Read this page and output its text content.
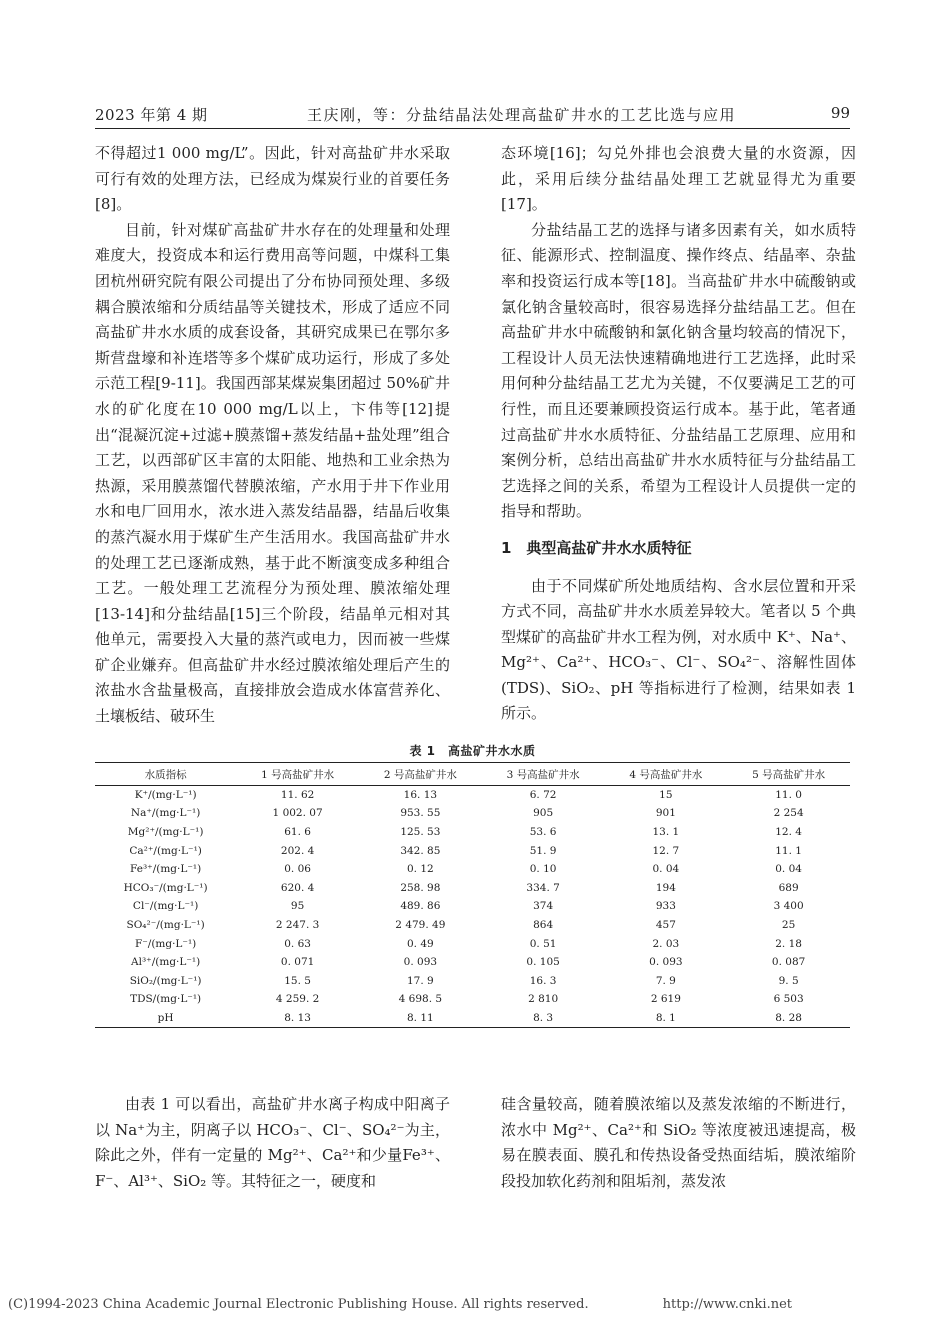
2023 年第 4 期	王庆刚，等：分盐结晶法处理高盐矿井水的工艺比选与应用	99

不得超过1 000 mg/L”。因此，针对高盐矿井水采取可行有效的处理方法，已经成为煤炭行业的首要任务[8]。

目前，针对煤矿高盐矿井水存在的处理量和处理难度大，投资成本和运行费用高等问题，中煤科工集团杭州研究院有限公司提出了分布协同预处理、多级耦合膜浓缩和分质结晶等关键技术，形成了适应不同高盐矿井水水质的成套设备，其研究成果已在鄂尔多斯营盘壕和补连塔等多个煤矿成功运行，形成了多处示范工程[9-11]。我国西部某煤炭集团超过 50%矿井水的矿化度在10 000 mg/L以上，卞伟等[12]提出“混凝沉淀+过滤+膜蒸馏+蒸发结晶+盐处理”组合工艺，以西部矿区丰富的太阳能、地热和工业余热为热源，采用膜蒸馏代替膜浓缩，产水用于井下作业用水和电厂回用水，浓水进入蒸发结晶器，结晶后收集的蒸汽凝水用于煤矿生产生活用水。我国高盐矿井水的处理工艺已逐渐成熟，基于此不断演变成多种组合工艺。一般处理工艺流程分为预处理、膜浓缩处理[13-14]和分盐结晶[15]三个阶段，结晶单元相对其他单元，需要投入大量的蒸汽或电力，因而被一些煤矿企业嫌弃。但高盐矿井水经过膜浓缩处理后产生的浓盐水含盐量极高，直接排放会造成水体富营养化、土壤板结、破环生

态环境[16]；勾兑外排也会浪费大量的水资源，因此，采用后续分盐结晶处理工艺就显得尤为重要[17]。

分盐结晶工艺的选择与诸多因素有关，如水质特征、能源形式、控制温度、操作终点、结晶率、杂盐率和投资运行成本等[18]。当高盐矿井水中硫酸钠或氯化钠含量较高时，很容易选择分盐结晶工艺。但在高盐矿井水中硫酸钠和氯化钠含量均较高的情况下，工程设计人员无法快速精确地进行工艺选择，此时采用何种分盐结晶工艺尤为关键，不仅要满足工艺的可行性，而且还要兼顾投资运行成本。基于此，笔者通过高盐矿井水水质特征、分盐结晶工艺原理、应用和案例分析，总结出高盐矿井水水质特征与分盐结晶工艺选择之间的关系，希望为工程设计人员提供一定的指导和帮助。

1　典型高盐矿井水水质特征

由于不同煤矿所处地质结构、含水层位置和开采方式不同，高盐矿井水水质差异较大。笔者以 5 个典型煤矿的高盐矿井水工程为例，对水质中 K⁺、Na⁺、Mg²⁺、Ca²⁺、HCO₃⁻、Cl⁻、SO₄²⁻、溶解性固体(TDS)、SiO₂、pH 等指标进行了检测，结果如表 1 所示。

表 1　高盐矿井水水质
水质指标	1 号高盐矿井水	2 号高盐矿井水	3 号高盐矿井水	4 号高盐矿井水	5 号高盐矿井水
K⁺/(mg·L⁻¹)	11. 62	16. 13	6. 72	15	11. 0
Na⁺/(mg·L⁻¹)	1 002. 07	953. 55	905	901	2 254
Mg²⁺/(mg·L⁻¹)	61. 6	125. 53	53. 6	13. 1	12. 4
Ca²⁺/(mg·L⁻¹)	202. 4	342. 85	51. 9	12. 7	11. 1
Fe³⁺/(mg·L⁻¹)	0. 06	0. 12	0. 10	0. 04	0. 04
HCO₃⁻/(mg·L⁻¹)	620. 4	258. 98	334. 7	194	689
Cl⁻/(mg·L⁻¹)	95	489. 86	374	933	3 400
SO₄²⁻/(mg·L⁻¹)	2 247. 3	2 479. 49	864	457	25
F⁻/(mg·L⁻¹)	0. 63	0. 49	0. 51	2. 03	2. 18
Al³⁺/(mg·L⁻¹)	0. 071	0. 093	0. 105	0. 093	0. 087
SiO₂/(mg·L⁻¹)	15. 5	17. 9	16. 3	7. 9	9. 5
TDS/(mg·L⁻¹)	4 259. 2	4 698. 5	2 810	2 619	6 503
pH	8. 13	8. 11	8. 3	8. 1	8. 28

由表 1 可以看出，高盐矿井水离子构成中阳离子以 Na⁺为主，阴离子以 HCO₃⁻、Cl⁻、SO₄²⁻为主，除此之外，伴有一定量的 Mg²⁺、Ca²⁺和少量Fe³⁺、F⁻、Al³⁺、SiO₂ 等。其特征之一，硬度和

硅含量较高，随着膜浓缩以及蒸发浓缩的不断进行，浓水中 Mg²⁺、Ca²⁺和 SiO₂ 等浓度被迅速提高，极易在膜表面、膜孔和传热设备受热面结垢，膜浓缩阶段投加软化药剂和阻垢剂，蒸发浓

(C)1994-2023 China Academic Journal Electronic Publishing House. All rights reserved.	http://www.cnki.net
